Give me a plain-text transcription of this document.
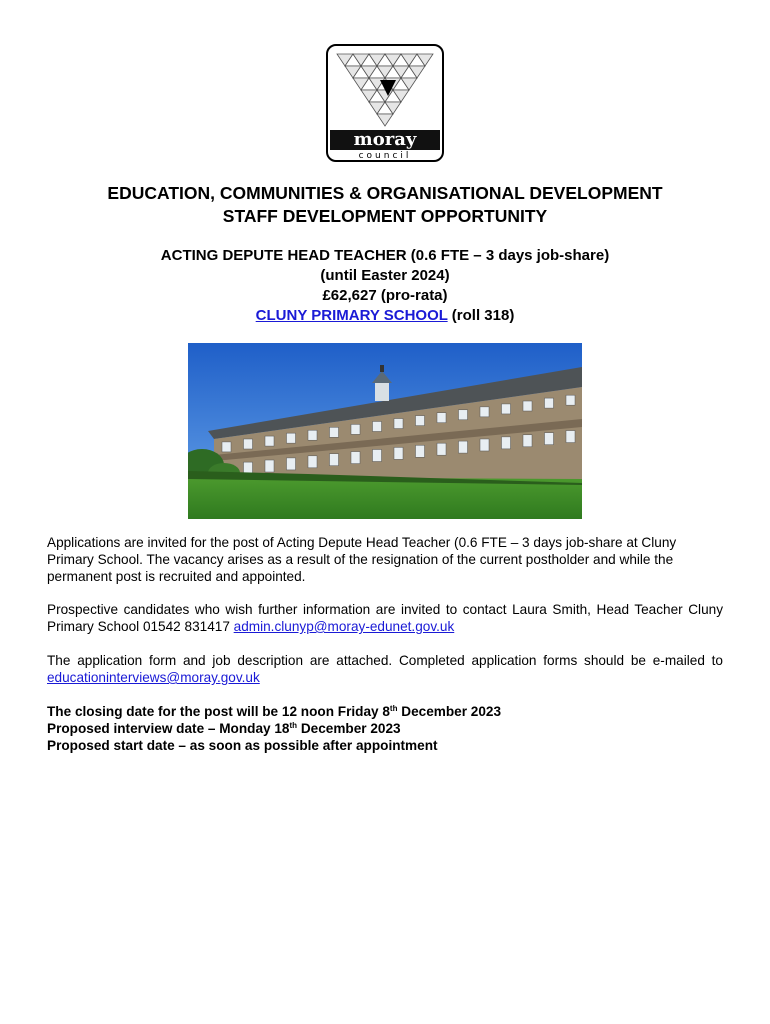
moray
council
EDUCATION, COMMUNITIES & ORGANISATIONAL DEVELOPMENT
STAFF DEVELOPMENT OPPORTUNITY
ACTING DEPUTE HEAD TEACHER (0.6 FTE – 3 days job-share)
(until Easter 2024)
£62,627 (pro-rata)
CLUNY PRIMARY SCHOOL (roll 318)
Applications are invited for the post of Acting Depute Head Teacher (0.6 FTE – 3 days job-share at Cluny Primary School. The vacancy arises as a result of the resignation of the current postholder and while the permanent post is recruited and appointed.
Prospective candidates who wish further information are invited to contact Laura Smith, Head Teacher Cluny Primary School 01542 831417 admin.clunyp@moray-edunet.gov.uk
The application form and job description are attached. Completed application forms should be e-mailed to educationinterviews@moray.gov.uk
The closing date for the post will be 12 noon Friday 8th December 2023
Proposed interview date – Monday 18th December 2023
Proposed start date – as soon as possible after appointment
